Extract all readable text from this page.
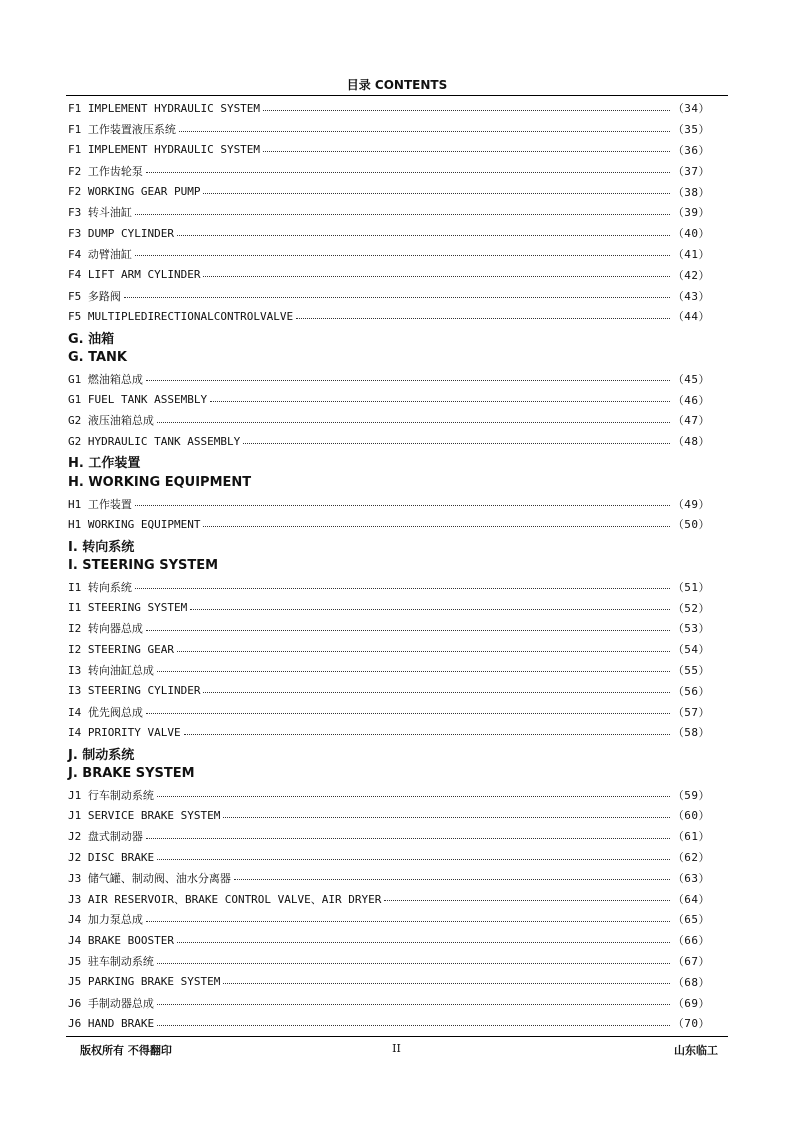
目录 CONTENTS
F1 IMPLEMENT HYDRAULIC SYSTEM	（34）
F1 工作装置液压系统	（35）
F1 IMPLEMENT HYDRAULIC SYSTEM	（36）
F2 工作齿轮泵	（37）
F2 WORKING GEAR PUMP	（38）
F3 转斗油缸	（39）
F3 DUMP CYLINDER	（40）
F4 动臂油缸	（41）
F4 LIFT ARM CYLINDER	（42）
F5 多路阀	（43）
F5 MULTIPLEDIRECTIONALCONTROLVALVE	（44）
G. 油箱
G. TANK
G1 燃油箱总成	（45）
G1 FUEL TANK ASSEMBLY	（46）
G2 液压油箱总成	（47）
G2 HYDRAULIC TANK ASSEMBLY	（48）
H. 工作装置
H. WORKING EQUIPMENT
H1 工作装置	（49）
H1 WORKING EQUIPMENT	（50）
I. 转向系统
I. STEERING SYSTEM
I1 转向系统	（51）
I1 STEERING SYSTEM	（52）
I2 转向器总成	（53）
I2 STEERING GEAR	（54）
I3 转向油缸总成	（55）
I3 STEERING CYLINDER	（56）
I4 优先阀总成	（57）
I4 PRIORITY VALVE	（58）
J. 制动系统
J. BRAKE SYSTEM
J1 行车制动系统	（59）
J1 SERVICE BRAKE SYSTEM	（60）
J2 盘式制动器	（61）
J2 DISC BRAKE	（62）
J3 储气罐、制动阀、油水分离器	（63）
J3 AIR RESERVOIR、BRAKE CONTROL VALVE、AIR DRYER	（64）
J4 加力泵总成	（65）
J4 BRAKE BOOSTER	（66）
J5 驻车制动系统	（67）
J5 PARKING BRAKE SYSTEM	（68）
J6 手制动器总成	（69）
J6 HAND BRAKE	（70）
版权所有 不得翻印	II	山东临工
